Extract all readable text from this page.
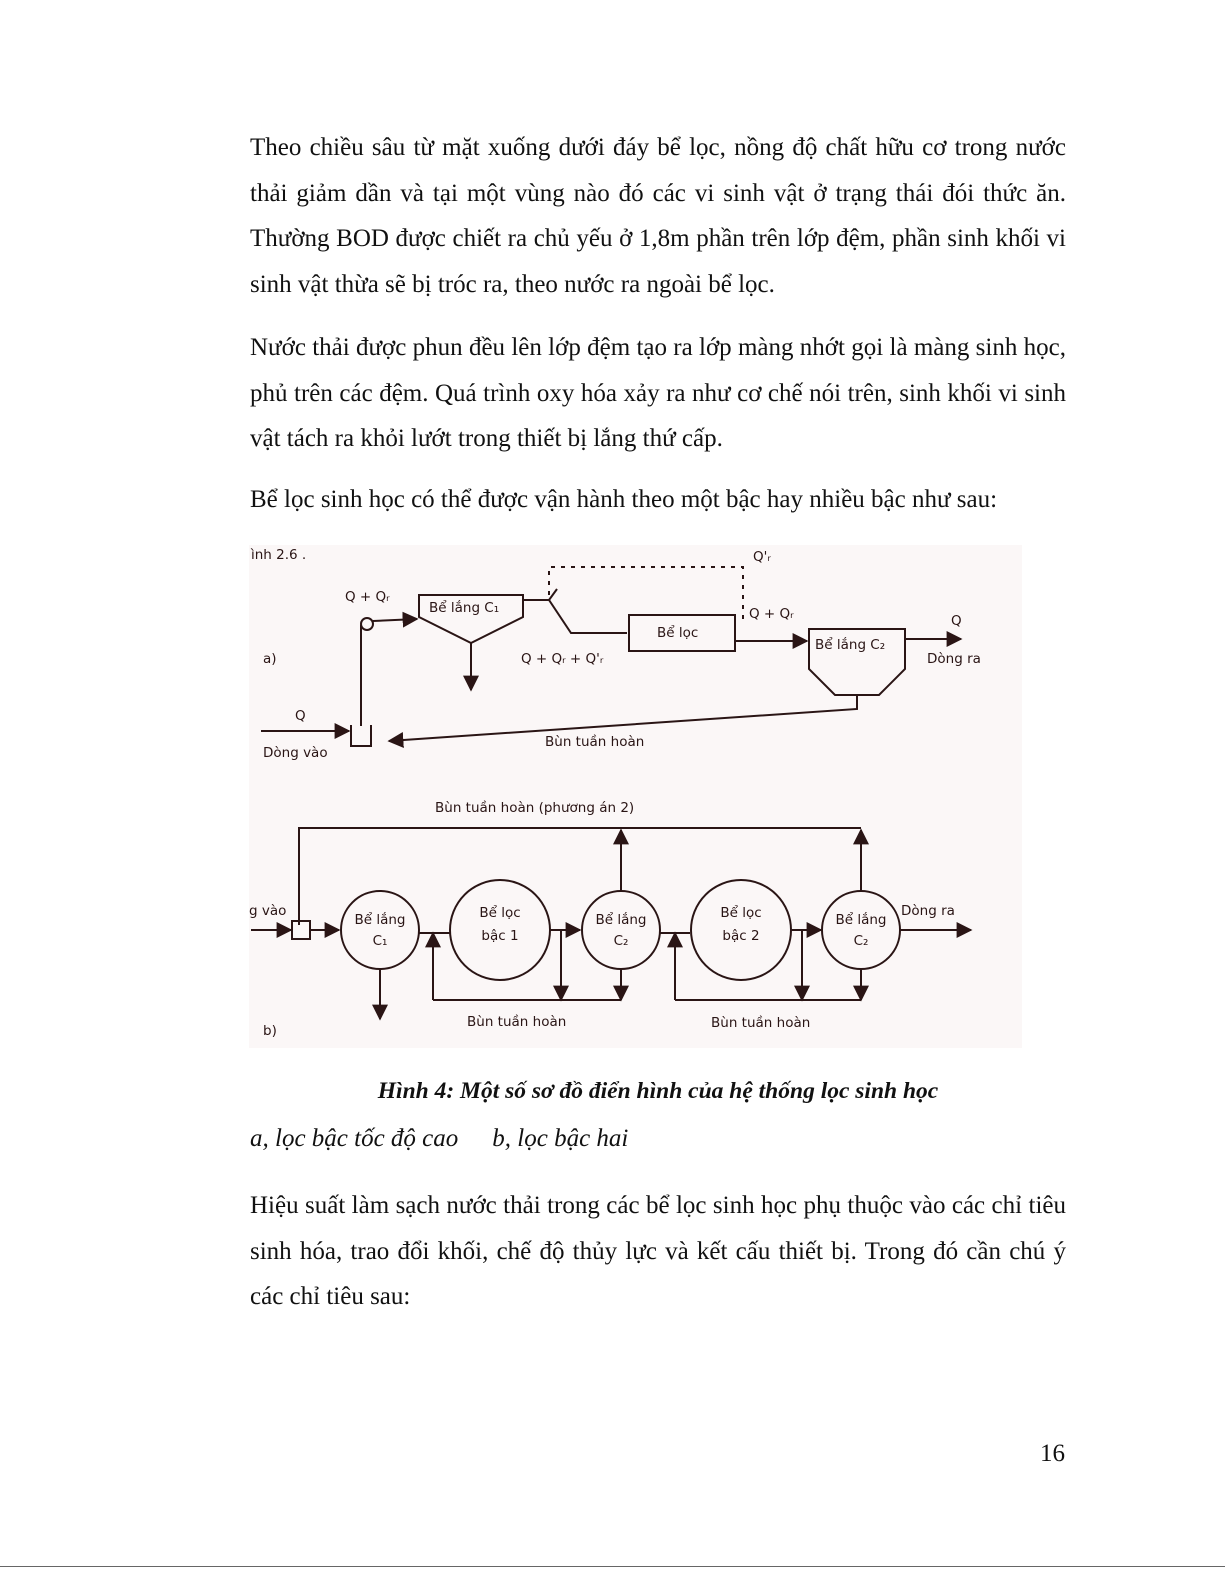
Theo chiều sâu từ mặt xuống dưới đáy bể lọc, nồng độ chất hữu cơ trong nước thải giảm dần và tại một vùng nào đó các vi sinh vật ở trạng thái đói thức ăn. Thường BOD được chiết ra chủ yếu ở 1,8m phần trên lớp đệm, phần sinh khối vi sinh vật thừa sẽ bị tróc ra, theo nước ra ngoài bể lọc.

Nước thải được phun đều lên lớp đệm tạo ra lớp màng nhớt gọi là màng sinh học, phủ trên các đệm. Quá trình oxy hóa xảy ra như cơ chế nói trên, sinh khối vi sinh vật tách ra khỏi lướt trong thiết bị lắng thứ cấp.

Bể lọc sinh học có thể được vận hành theo một bậc hay nhiều bậc như sau:

ình 2.6 .
a)
Bể lắng C₁
Bể lọc
Bể lắng C₂
Q + Qᵣ
Q'ᵣ
Q + Qᵣ
Q + Qᵣ + Q'ᵣ
Q
Dòng vào
Q
Dòng ra
Bùn tuần hoàn
b)
Bùn tuần hoàn (phương án 2)
g vào
Bể lắng
C₁
Bể lọc
bậc 1
Bể lắng
C₂
Bể lọc
bậc 2
Bể lắng
C₂
Dòng ra
Bùn tuần hoàn	Bùn tuần hoàn

Hình 4: Một số sơ đồ điển hình của hệ thống lọc sinh học

a, lọc bậc tốc độ cao b, lọc bậc hai

Hiệu suất làm sạch nước thải trong các bể lọc sinh học phụ thuộc vào các chỉ tiêu sinh hóa, trao đổi khối, chế độ thủy lực và kết cấu thiết bị. Trong đó cần chú ý các chỉ tiêu sau:

16
